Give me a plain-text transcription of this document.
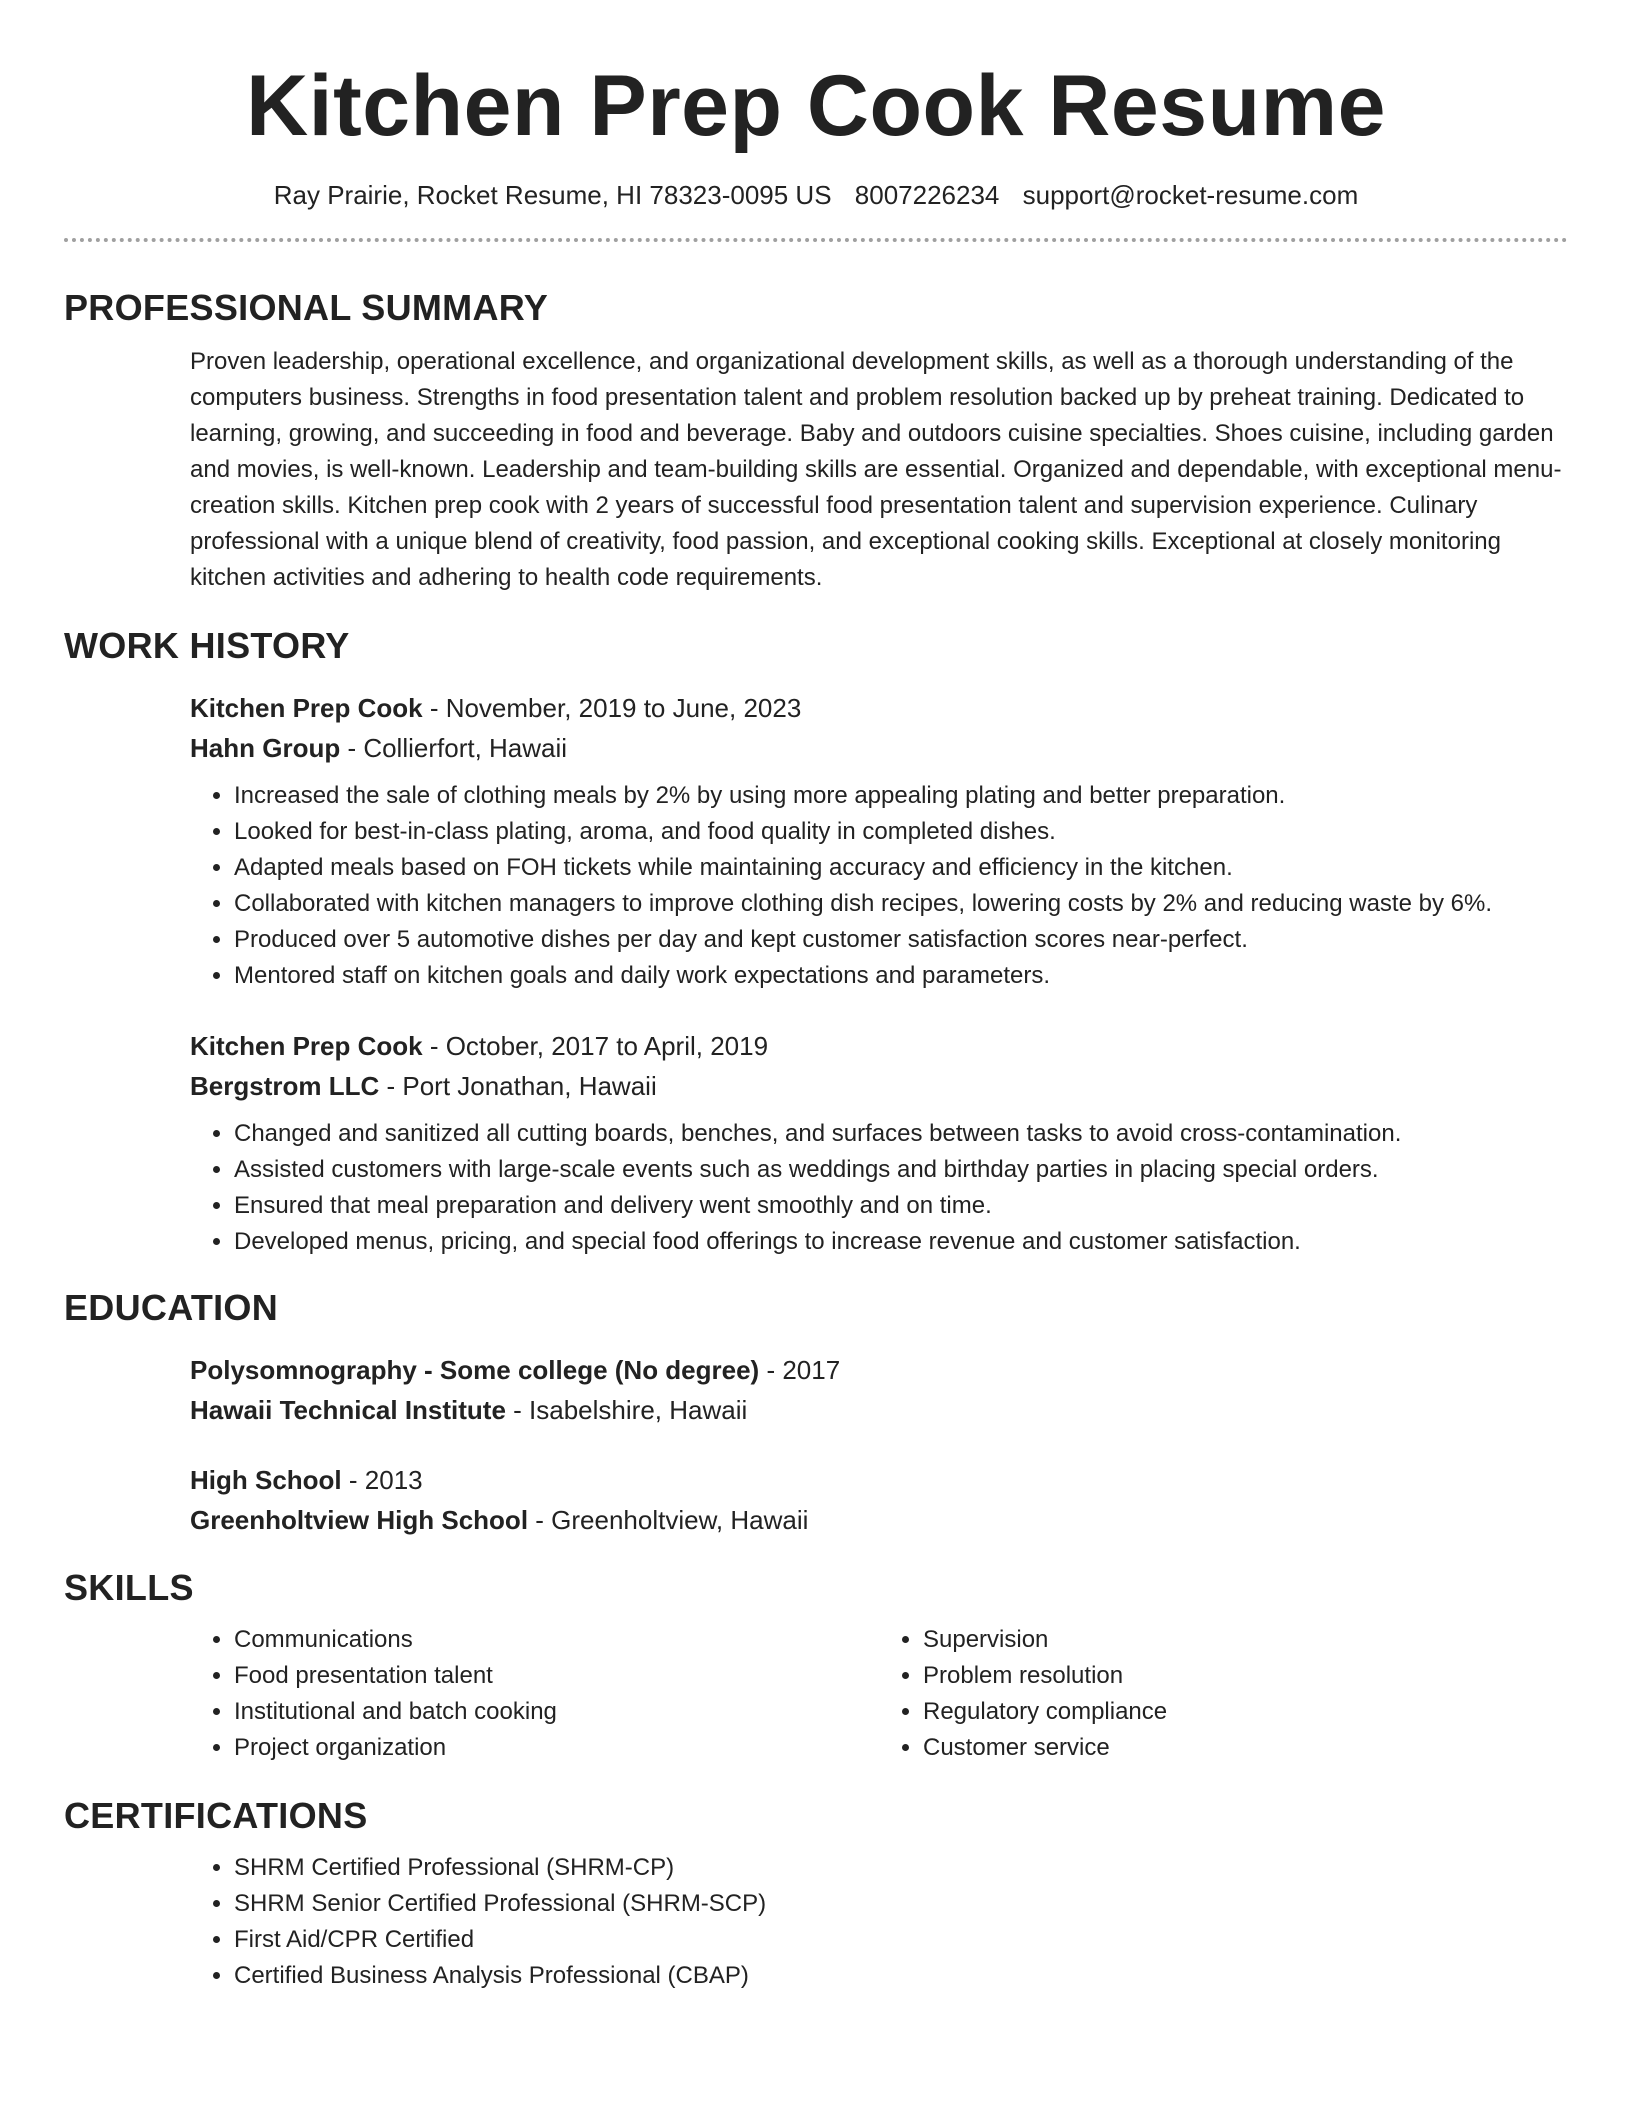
Kitchen Prep Cook Resume
Ray Prairie, Rocket Resume, HI 78323-0095 US 8007226234 support@rocket-resume.com
PROFESSIONAL SUMMARY

Proven leadership, operational excellence, and organizational development skills, as well as a thorough understanding of the computers business. Strengths in food presentation talent and problem resolution backed up by preheat training. Dedicated to learning, growing, and succeeding in food and beverage. Baby and outdoors cuisine specialties. Shoes cuisine, including garden and movies, is well-known. Leadership and team-building skills are essential. Organized and dependable, with exceptional menu-creation skills. Kitchen prep cook with 2 years of successful food presentation talent and supervision experience. Culinary professional with a unique blend of creativity, food passion, and exceptional cooking skills. Exceptional at closely monitoring kitchen activities and adhering to health code requirements.

WORK HISTORY
Kitchen Prep Cook - November, 2019 to June, 2023
Hahn Group - Collierfort, Hawaii
• Increased the sale of clothing meals by 2% by using more appealing plating and better preparation.
• Looked for best-in-class plating, aroma, and food quality in completed dishes.
• Adapted meals based on FOH tickets while maintaining accuracy and efficiency in the kitchen.
• Collaborated with kitchen managers to improve clothing dish recipes, lowering costs by 2% and reducing waste by 6%.
• Produced over 5 automotive dishes per day and kept customer satisfaction scores near-perfect.
• Mentored staff on kitchen goals and daily work expectations and parameters.
Kitchen Prep Cook - October, 2017 to April, 2019
Bergstrom LLC - Port Jonathan, Hawaii
• Changed and sanitized all cutting boards, benches, and surfaces between tasks to avoid cross-contamination.
• Assisted customers with large-scale events such as weddings and birthday parties in placing special orders.
• Ensured that meal preparation and delivery went smoothly and on time.
• Developed menus, pricing, and special food offerings to increase revenue and customer satisfaction.
EDUCATION
Polysomnography - Some college (No degree) - 2017
Hawaii Technical Institute - Isabelshire, Hawaii
High School - 2013
Greenholtview High School - Greenholtview, Hawaii
SKILLS
• Communications
• Food presentation talent
• Institutional and batch cooking
• Project organization
• Supervision
• Problem resolution
• Regulatory compliance
• Customer service
CERTIFICATIONS
• SHRM Certified Professional (SHRM-CP)
• SHRM Senior Certified Professional (SHRM-SCP)
• First Aid/CPR Certified
• Certified Business Analysis Professional (CBAP)
